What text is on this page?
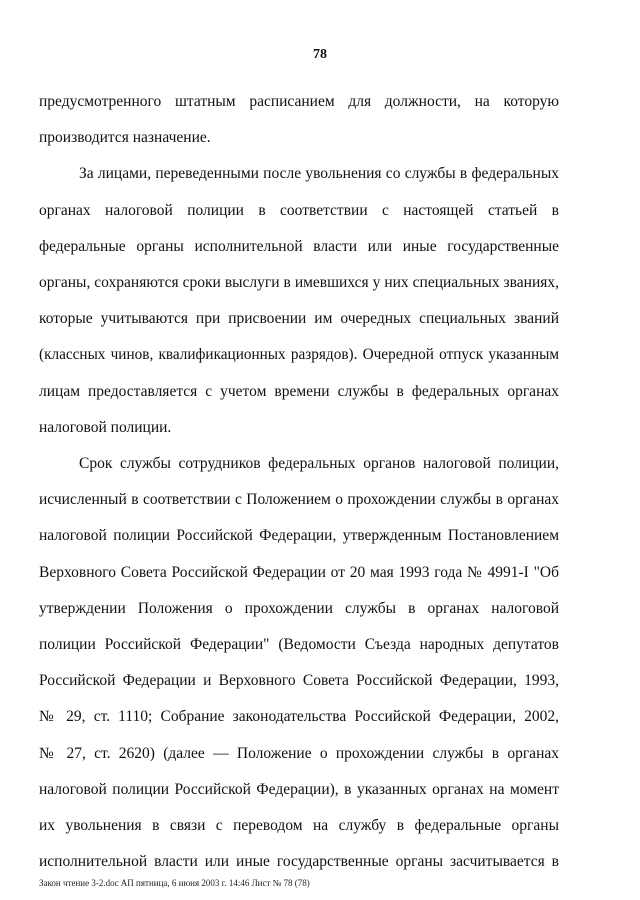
78
предусмотренного штатным расписанием для должности, на которую
производится назначение.
За лицами, переведенными после увольнения со службы в федеральных
органах налоговой полиции в соответствии с настоящей статьей в
федеральные органы исполнительной власти или иные государственные
органы, сохраняются сроки выслуги в имевшихся у них специальных званиях,
которые учитываются при присвоении им очередных специальных званий
(классных чинов, квалификационных разрядов). Очередной отпуск указанным
лицам предоставляется с учетом времени службы в федеральных органах
налоговой полиции.
Срок службы сотрудников федеральных органов налоговой полиции,
исчисленный в соответствии с Положением о прохождении службы в органах
налоговой полиции Российской Федерации, утвержденным Постановлением
Верховного Совета Российской Федерации от 20 мая 1993 года № 4991-I "Об
утверждении Положения о прохождении службы в органах налоговой
полиции Российской Федерации" (Ведомости Съезда народных депутатов
Российской Федерации и Верховного Совета Российской Федерации, 1993,
№ 29, ст. 1110; Собрание законодательства Российской Федерации, 2002,
№ 27, ст. 2620) (далее — Положение о прохождении службы в органах
налоговой полиции Российской Федерации), в указанных органах на момент
их увольнения в связи с переводом на службу в федеральные органы
исполнительной власти или иные государственные органы засчитывается в
Закон чтение 3-2.doc АП пятница, 6 июня 2003 г. 14:46 Лист № 78 (78)
